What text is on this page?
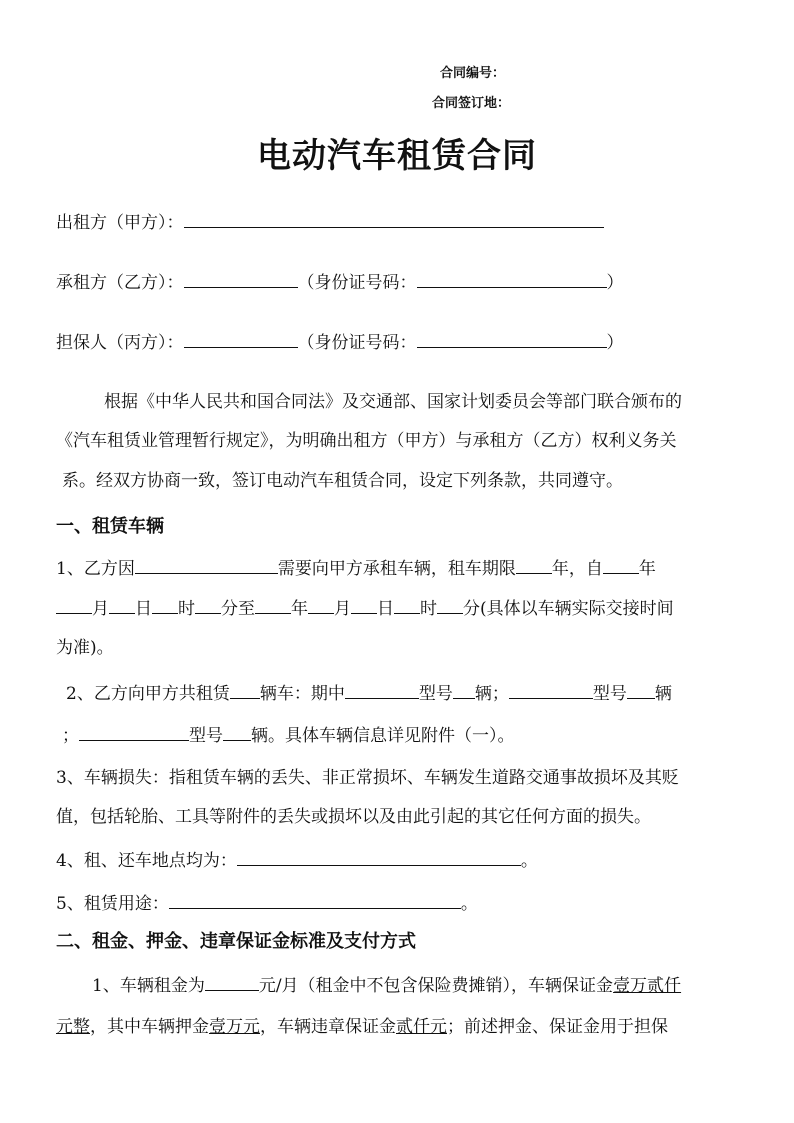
合同编号：
合同签订地：
电动汽车租赁合同
出租方（甲方）：
承租方（乙方）：	（身份证号码：	）
担保人（丙方）：	（身份证号码：	）
根据《中华人民共和国合同法》及交通部、国家计划委员会等部门联合颁布的
《汽车租赁业管理暂行规定》，为明确出租方（甲方）与承租方（乙方）权利义务关
系。经双方协商一致，签订电动汽车租赁合同，设定下列条款，共同遵守。
一、租赁车辆
1、乙方因	需要向甲方承租车辆，租车期限 年，自 年
月 日 时 分至 年 月 日 时 分(具体以车辆实际交接时间
为准)。
2、乙方向甲方共租赁 辆车：期中	型号 辆；	型号 辆
；	型号 辆。具体车辆信息详见附件（一）。
3、车辆损失：指租赁车辆的丢失、非正常损坏、车辆发生道路交通事故损坏及其贬
值，包括轮胎、工具等附件的丢失或损坏以及由此引起的其它任何方面的损失。
4、租、还车地点均为：	。
5、租赁用途：	。
二、租金、押金、违章保证金标准及支付方式
1、车辆租金为	元/月（租金中不包含保险费摊销），车辆保证金壹万贰仟
元整，其中车辆押金壹万元，车辆违章保证金贰仟元；前述押金、保证金用于担保
